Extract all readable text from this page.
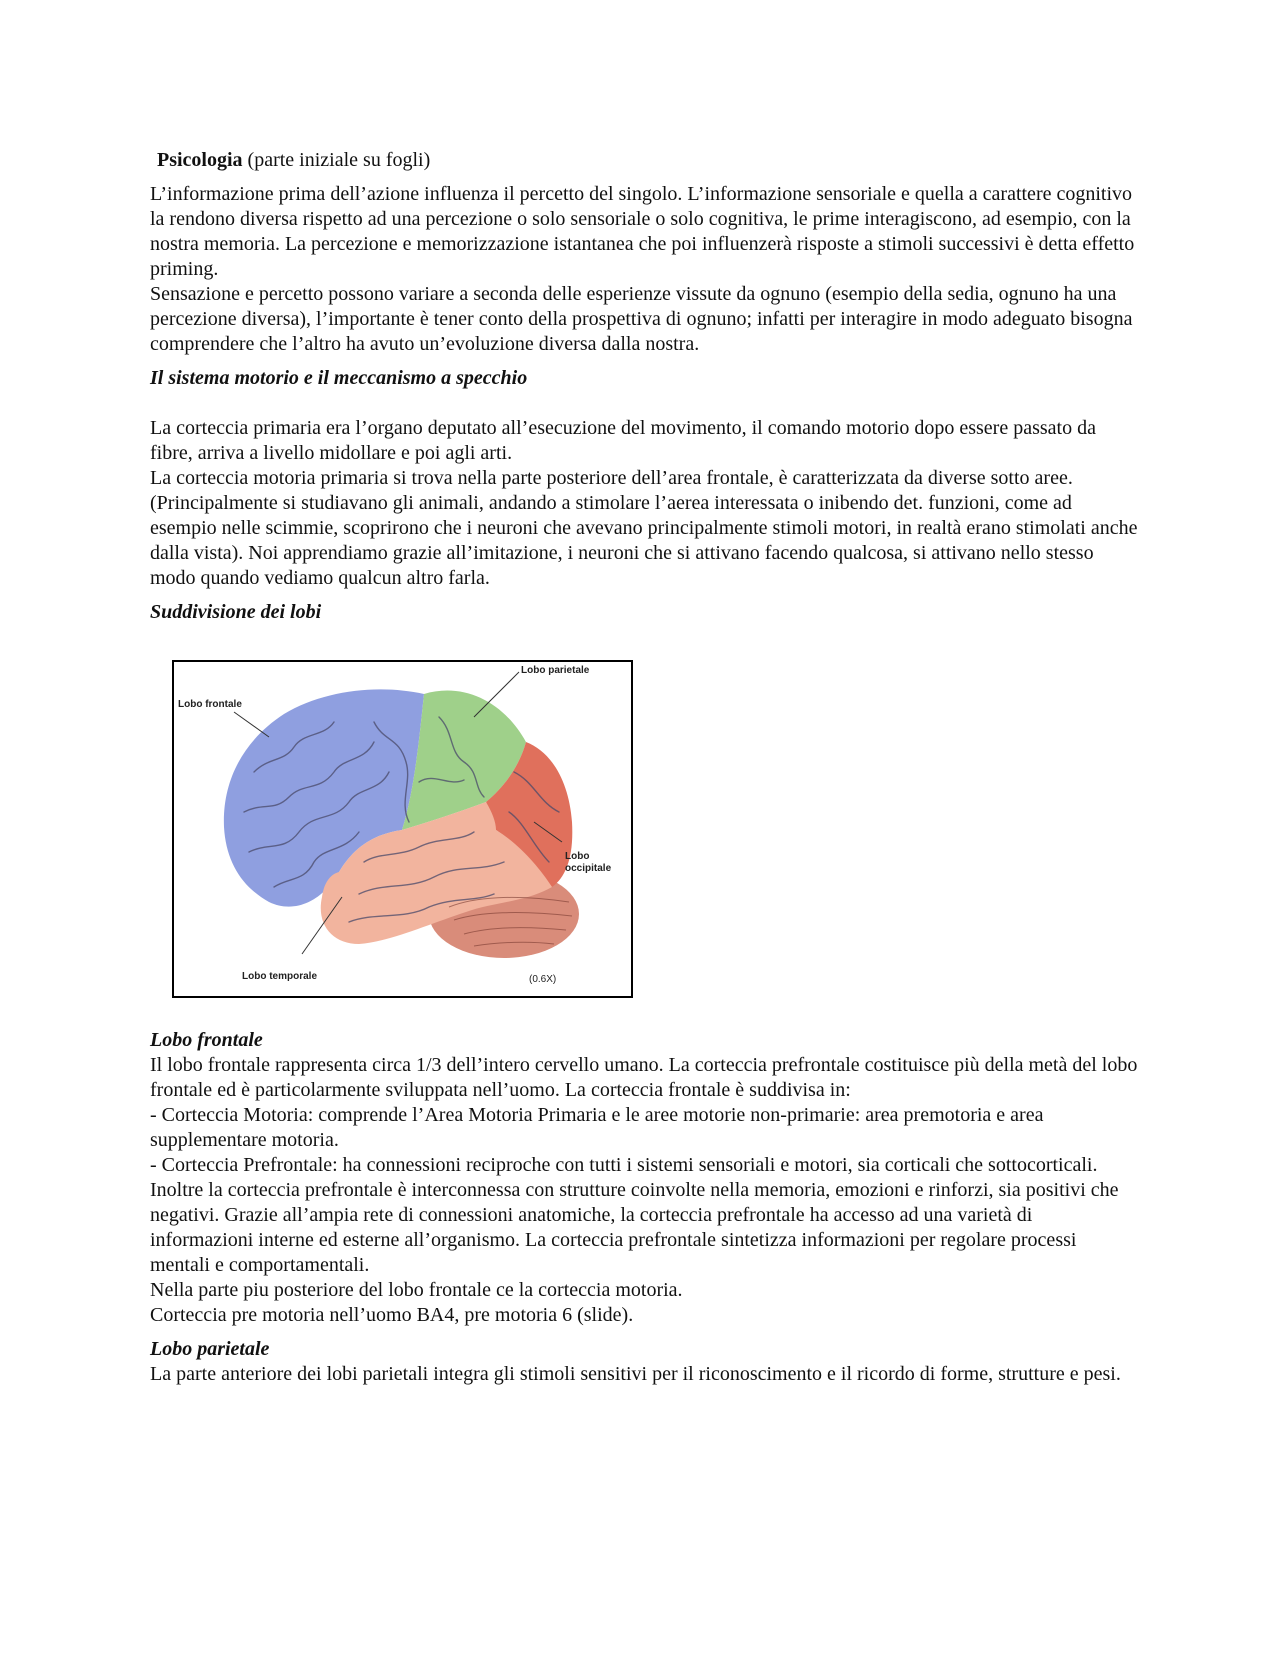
Psicologia (parte iniziale su fogli)

L’informazione prima dell’azione influenza il percetto del singolo. L’informazione sensoriale e quella a carattere cognitivo la rendono diversa rispetto ad una percezione o solo sensoriale o solo cognitiva, le prime interagiscono, ad esempio, con la nostra memoria. La percezione e memorizzazione istantanea che poi influenzerà risposte a stimoli successivi è detta effetto priming.

Sensazione e percetto possono variare a seconda delle esperienze vissute da ognuno (esempio della sedia, ognuno ha una percezione diversa), l’importante è tener conto della prospettiva di ognuno; infatti per interagire in modo adeguato bisogna comprendere che l’altro ha avuto un’evoluzione diversa dalla nostra.

Il sistema motorio e il meccanismo a specchio

La corteccia primaria era l’organo deputato all’esecuzione del movimento, il comando motorio dopo essere passato da fibre, arriva a livello midollare e poi agli arti.

La corteccia motoria primaria si trova nella parte posteriore dell’area frontale, è caratterizzata da diverse sotto aree. (Principalmente si studiavano gli animali, andando a stimolare l’aerea interessata o inibendo det. funzioni, come ad esempio nelle scimmie, scoprirono che i neuroni che avevano principalmente stimoli motori, in realtà erano stimolati anche dalla vista). Noi apprendiamo grazie all’imitazione, i neuroni che si attivano facendo qualcosa, si attivano nello stesso modo quando vediamo qualcun altro farla.

Suddivisione dei lobi

Lobo parietale
Lobo frontale
Lobo
occipitale
Lobo temporale	(0.6X)

Lobo frontale

Il lobo frontale rappresenta circa 1/3 dell’intero cervello umano. La corteccia prefrontale costituisce più della metà del lobo frontale ed è particolarmente sviluppata nell’uomo. La corteccia frontale è suddivisa in:

- Corteccia Motoria: comprende l’Area Motoria Primaria e le aree motorie non-primarie: area premotoria e area supplementare motoria.

- Corteccia Prefrontale: ha connessioni reciproche con tutti i sistemi sensoriali e motori, sia corticali che sottocorticali. Inoltre la corteccia prefrontale è interconnessa con strutture coinvolte nella memoria, emozioni e rinforzi, sia positivi che negativi. Grazie all’ampia rete di connessioni anatomiche, la corteccia prefrontale ha accesso ad una varietà di informazioni interne ed esterne all’organismo. La corteccia prefrontale sintetizza informazioni per regolare processi mentali e comportamentali.

Nella parte piu posteriore del lobo frontale ce la corteccia motoria.

Corteccia pre motoria nell’uomo BA4, pre motoria 6 (slide).

Lobo parietale

La parte anteriore dei lobi parietali integra gli stimoli sensitivi per il riconoscimento e il ricordo di forme, strutture e pesi.
